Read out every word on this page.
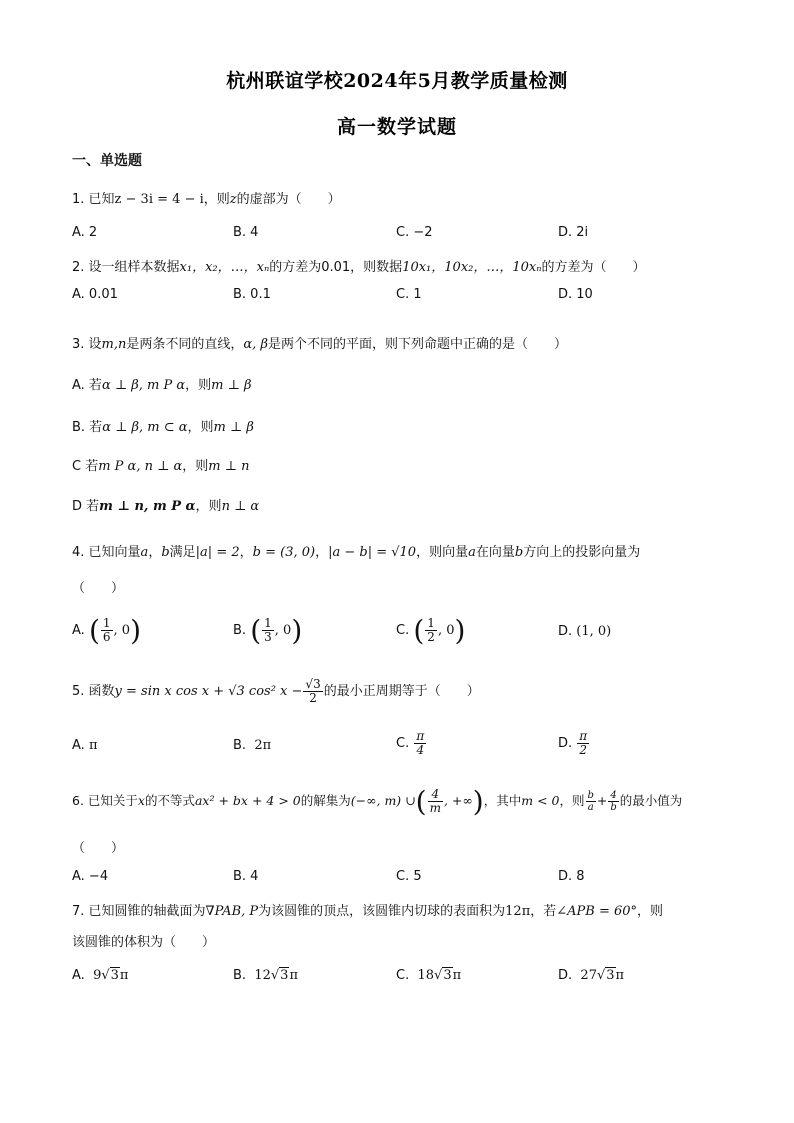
杭州联谊学校2024年5月教学质量检测
高一数学试题
一、单选题
1. 已知z − 3i = 4 − i，则z的虚部为（　　）
A. 2	B. 4	C. −2	D. 2i
2. 设一组样本数据x₁，x₂，…，xₙ的方差为0.01，则数据10x₁，10x₂，…，10xₙ的方差为（　　）
A. 0.01	B. 0.1	C. 1	D. 10
3. 设m,n是两条不同的直线，α, β是两个不同的平面，则下列命题中正确的是（　　）
A. 若α ⊥ β, m P α，则m ⊥ β
B. 若α ⊥ β, m ⊂ α，则m ⊥ β
C 若m P α, n ⊥ α，则m ⊥ n
D 若m ⊥ n, m P α，则n ⊥ α
4. 已知向量a，b满足|a| = 2，b = (3, 0)，|a − b| = √10，则向量a在向量b方向上的投影向量为
（　　）
A. ( $\frac{1}{6}$ , 0)	B. ( $\frac{1}{3}$ , 0)	C. ( $\frac{1}{2}$ , 0)	D. (1, 0)
5. 函数y = sin x cos x + √3 cos² $x - \frac{√3}{2}$ 的最小正周期等于（　　）
A. π	B. 2π	C. $\frac{\pi}{4}$	D. $\frac{\pi}{2}$
6. 已知关于x的不等式ax² + bx + 4 > 0的解集为(−∞, m) ∪( $\frac{4}{m}$ , +∞)，其中m < 0，则 $\frac{b}{a} + \frac{4}{b}$ 的最小值为
（　　）
A. −4	B. 4	C. 5	D. 8
7. 已知圆锥的轴截面为∇PAB, P为该圆锥的顶点，该圆锥内切球的表面积为12π，若∠APB = 60°，则
该圆锥的体积为（　　）
A. 9√3π	B. 12√3π	C. 18√3π	D. 27√3π
